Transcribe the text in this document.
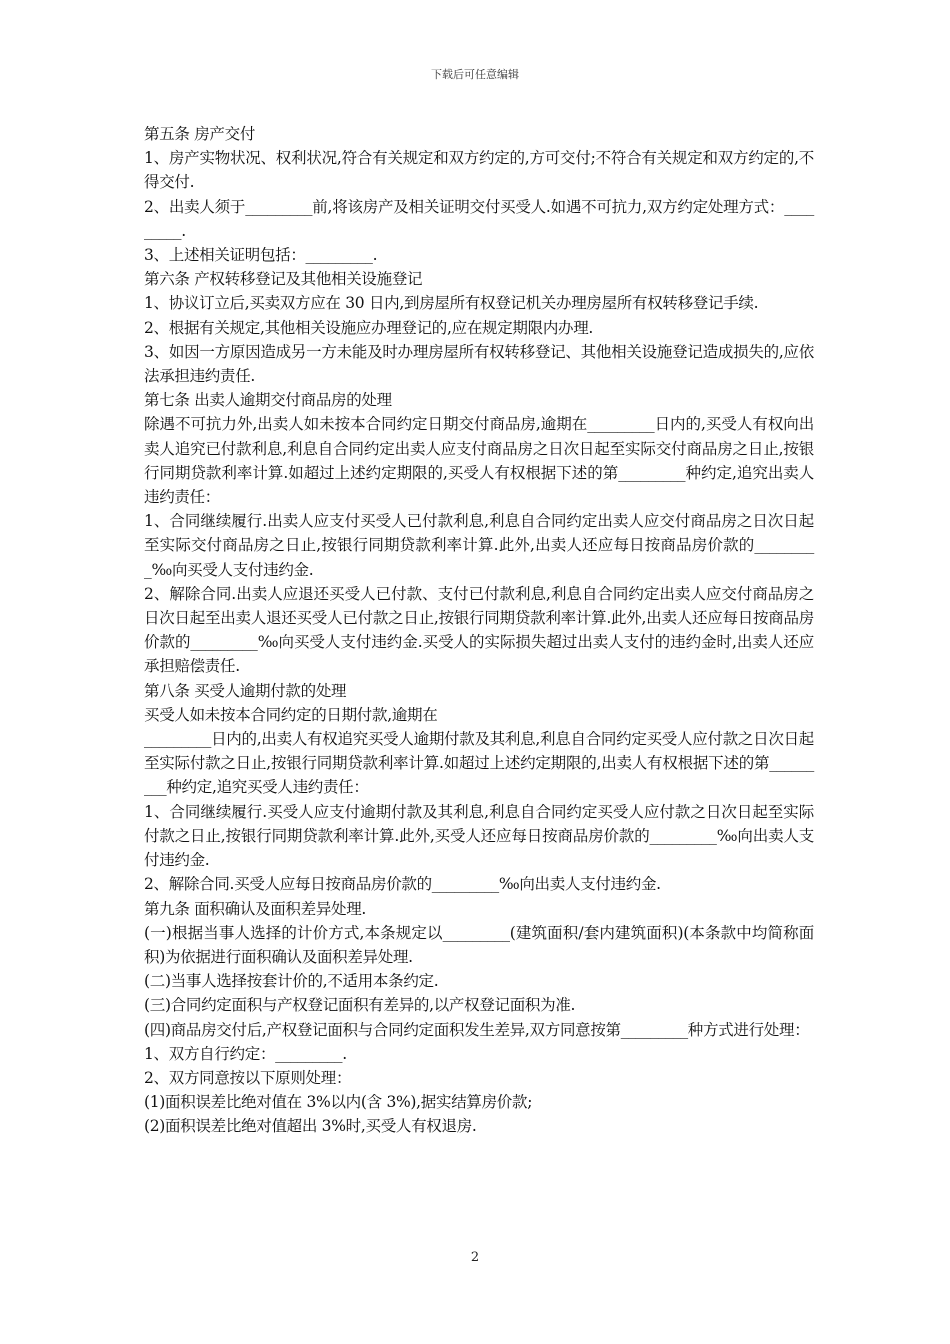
下载后可任意编辑

第五条 房产交付

1、房产实物状况、权利状况,符合有关规定和双方约定的,方可交付;不符合有关规定和双方约定的,不得交付.

2、出卖人须于_________前,将该房产及相关证明交付买受人.如遇不可抗力,双方约定处理方式：_________.

3、上述相关证明包括：_________.

第六条 产权转移登记及其他相关设施登记

1、协议订立后,买卖双方应在 30 日内,到房屋所有权登记机关办理房屋所有权转移登记手续.

2、根据有关规定,其他相关设施应办理登记的,应在规定期限内办理.

3、如因一方原因造成另一方未能及时办理房屋所有权转移登记、其他相关设施登记造成损失的,应依法承担违约责任.

第七条 出卖人逾期交付商品房的处理

除遇不可抗力外,出卖人如未按本合同约定日期交付商品房,逾期在_________日内的,买受人有权向出卖人追究已付款利息,利息自合同约定出卖人应支付商品房之日次日起至实际交付商品房之日止,按银行同期贷款利率计算.如超过上述约定期限的,买受人有权根据下述的第_________种约定,追究出卖人违约责任：

1、合同继续履行.出卖人应支付买受人已付款利息,利息自合同约定出卖人应交付商品房之日次日起至实际交付商品房之日止,按银行同期贷款利率计算.此外,出卖人还应每日按商品房价款的_________‰向买受人支付违约金.

2、解除合同.出卖人应退还买受人已付款、支付已付款利息,利息自合同约定出卖人应交付商品房之日次日起至出卖人退还买受人已付款之日止,按银行同期贷款利率计算.此外,出卖人还应每日按商品房价款的_________‰向买受人支付违约金.买受人的实际损失超过出卖人支付的违约金时,出卖人还应承担赔偿责任.

第八条 买受人逾期付款的处理

买受人如未按本合同约定的日期付款,逾期在

_________日内的,出卖人有权追究买受人逾期付款及其利息,利息自合同约定买受人应付款之日次日起至实际付款之日止,按银行同期贷款利率计算.如超过上述约定期限的,出卖人有权根据下述的第_________种约定,追究买受人违约责任：

1、合同继续履行.买受人应支付逾期付款及其利息,利息自合同约定买受人应付款之日次日起至实际付款之日止,按银行同期贷款利率计算.此外,买受人还应每日按商品房价款的_________‰向出卖人支付违约金.

2、解除合同.买受人应每日按商品房价款的_________‰向出卖人支付违约金.

第九条 面积确认及面积差异处理.

(一)根据当事人选择的计价方式,本条规定以_________(建筑面积/套内建筑面积)(本条款中均简称面积)为依据进行面积确认及面积差异处理.

(二)当事人选择按套计价的,不适用本条约定.

(三)合同约定面积与产权登记面积有差异的,以产权登记面积为准.

(四)商品房交付后,产权登记面积与合同约定面积发生差异,双方同意按第_________种方式进行处理：

1、双方自行约定：_________.

2、双方同意按以下原则处理：

(1)面积误差比绝对值在 3%以内(含 3%),据实结算房价款;

(2)面积误差比绝对值超出 3%时,买受人有权退房.

2
